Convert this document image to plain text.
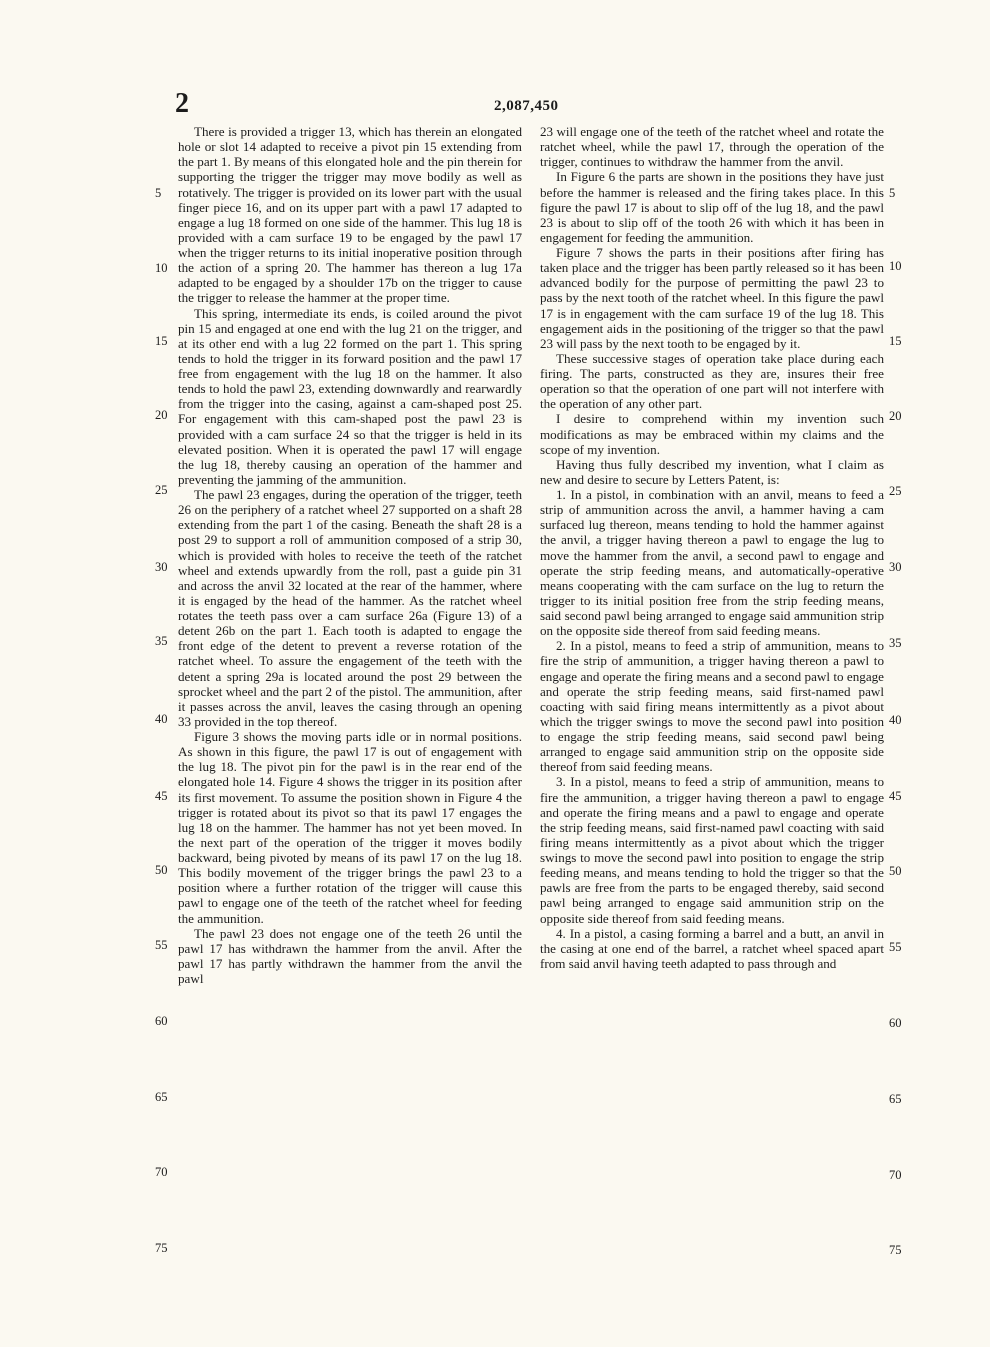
2	2,087,450

There is provided a trigger 13, which has therein an elongated hole or slot 14 adapted to receive a pivot pin 15 extending from the part 1. By means of this elongated hole and the pin therein for supporting the trigger the trigger may move bodily as well as rotatively. The trigger is provided on its lower part with the usual finger piece 16, and on its upper part with a pawl 17 adapted to engage a lug 18 formed on one side of the hammer. This lug 18 is provided with a cam surface 19 to be engaged by the pawl 17 when the trigger returns to its initial inoperative position through the action of a spring 20. The hammer has thereon a lug 17a adapted to be engaged by a shoulder 17b on the trigger to cause the trigger to release the hammer at the proper time.

This spring, intermediate its ends, is coiled around the pivot pin 15 and engaged at one end with the lug 21 on the trigger, and at its other end with a lug 22 formed on the part 1. This spring tends to hold the trigger in its forward position and the pawl 17 free from engagement with the lug 18 on the hammer. It also tends to hold the pawl 23, extending downwardly and rearwardly from the trigger into the casing, against a cam-shaped post 25. For engagement with this cam-shaped post the pawl 23 is provided with a cam surface 24 so that the trigger is held in its elevated position. When it is operated the pawl 17 will engage the lug 18, thereby causing an operation of the hammer and preventing the jamming of the ammunition.

The pawl 23 engages, during the operation of the trigger, teeth 26 on the periphery of a ratchet wheel 27 supported on a shaft 28 extending from the part 1 of the casing. Beneath the shaft 28 is a post 29 to support a roll of ammunition composed of a strip 30, which is provided with holes to receive the teeth of the ratchet wheel and extends upwardly from the roll, past a guide pin 31 and across the anvil 32 located at the rear of the hammer, where it is engaged by the head of the hammer. As the ratchet wheel rotates the teeth pass over a cam surface 26a (Figure 13) of a detent 26b on the part 1. Each tooth is adapted to engage the front edge of the detent to prevent a reverse rotation of the ratchet wheel. To assure the engagement of the teeth with the detent a spring 29a is located around the post 29 between the sprocket wheel and the part 2 of the pistol. The ammunition, after it passes across the anvil, leaves the casing through an opening 33 provided in the top thereof.

Figure 3 shows the moving parts idle or in normal positions. As shown in this figure, the pawl 17 is out of engagement with the lug 18. The pivot pin for the pawl is in the rear end of the elongated hole 14. Figure 4 shows the trigger in its position after its first movement. To assume the position shown in Figure 4 the trigger is rotated about its pivot so that its pawl 17 engages the lug 18 on the hammer. The hammer has not yet been moved. In the next part of the operation of the trigger it moves bodily backward, being pivoted by means of its pawl 17 on the lug 18. This bodily movement of the trigger brings the pawl 23 to a position where a further rotation of the trigger will cause this pawl to engage one of the teeth of the ratchet wheel for feeding the ammunition.

The pawl 23 does not engage one of the teeth 26 until the pawl 17 has withdrawn the hammer from the anvil. After the pawl 17 has partly withdrawn the hammer from the anvil the pawl

23 will engage one of the teeth of the ratchet wheel and rotate the ratchet wheel, while the pawl 17, through the operation of the trigger, continues to withdraw the hammer from the anvil.

In Figure 6 the parts are shown in the positions they have just before the hammer is released and the firing takes place. In this figure the pawl 17 is about to slip off of the lug 18, and the pawl 23 is about to slip off of the tooth 26 with which it has been in engagement for feeding the ammunition.

Figure 7 shows the parts in their positions after firing has taken place and the trigger has been partly released so it has been advanced bodily for the purpose of permitting the pawl 23 to pass by the next tooth of the ratchet wheel. In this figure the pawl 17 is in engagement with the cam surface 19 of the lug 18. This engagement aids in the positioning of the trigger so that the pawl 23 will pass by the next tooth to be engaged by it.

These successive stages of operation take place during each firing. The parts, constructed as they are, insures their free operation so that the operation of one part will not interfere with the operation of any other part.

I desire to comprehend within my invention such modifications as may be embraced within my claims and the scope of my invention.

Having thus fully described my invention, what I claim as new and desire to secure by Letters Patent, is:

1. In a pistol, in combination with an anvil, means to feed a strip of ammunition across the anvil, a hammer having a cam surfaced lug thereon, means tending to hold the hammer against the anvil, a trigger having thereon a pawl to engage the lug to move the hammer from the anvil, a second pawl to engage and operate the strip feeding means, and automatically-operative means cooperating with the cam surface on the lug to return the trigger to its initial position free from the strip feeding means, said second pawl being arranged to engage said ammunition strip on the opposite side thereof from said feeding means.

2. In a pistol, means to feed a strip of ammunition, means to fire the strip of ammunition, a trigger having thereon a pawl to engage and operate the firing means and a second pawl to engage and operate the strip feeding means, said first-named pawl coacting with said firing means intermittently as a pivot about which the trigger swings to move the second pawl into position to engage the strip feeding means, said second pawl being arranged to engage said ammunition strip on the opposite side thereof from said feeding means.

3. In a pistol, means to feed a strip of ammunition, means to fire the ammunition, a trigger having thereon a pawl to engage and operate the firing means and a pawl to engage and operate the strip feeding means, said first-named pawl coacting with said firing means intermittently as a pivot about which the trigger swings to move the second pawl into position to engage the strip feeding means, and means tending to hold the trigger so that the pawls are free from the parts to be engaged thereby, said second pawl being arranged to engage said ammunition strip on the opposite side thereof from said feeding means.

4. In a pistol, a casing forming a barrel and a butt, an anvil in the casing at one end of the barrel, a ratchet wheel spaced apart from said anvil having teeth adapted to pass through and

5
10
15
20
25
30
35
40
45
50
55
60
65
70
75
5
10
15
20
25
30
35
40
45
50
55
60
65
70
75
